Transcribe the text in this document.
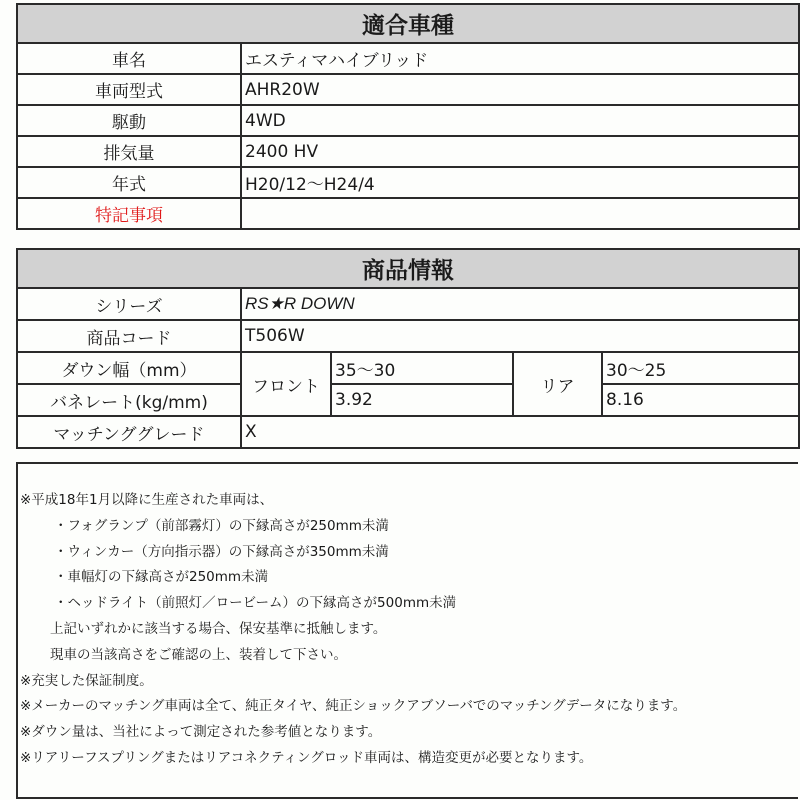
適合車種	
車名	エスティマハイブリッド
車両型式	AHR20W
駆動	4WD
排気量	2400 HV
年式	H20/12～H24/4
特記事項	
商品情報				
シリーズ	RS★R DOWN			
商品コード	T506W			
ダウン幅（mm）	フロント	35～30	リア	30～25
バネレート(kg/mm)		3.92		8.16
マッチンググレード	X			
※平成18年1月以降に生産された車両は、
・フォグランプ（前部霧灯）の下縁高さが250mm未満
・ウィンカー（方向指示器）の下縁高さが350mm未満
・車幅灯の下縁高さが250mm未満
・ヘッドライト（前照灯／ロービーム）の下縁高さが500mm未満
上記いずれかに該当する場合、保安基準に抵触します。
現車の当該高さをご確認の上、装着して下さい。
※充実した保証制度。
※メーカーのマッチング車両は全て、純正タイヤ、純正ショックアブソーバでのマッチングデータになります。
※ダウン量は、当社によって測定された参考値となります。
※リアリーフスプリングまたはリアコネクティングロッド車両は、構造変更が必要となります。
